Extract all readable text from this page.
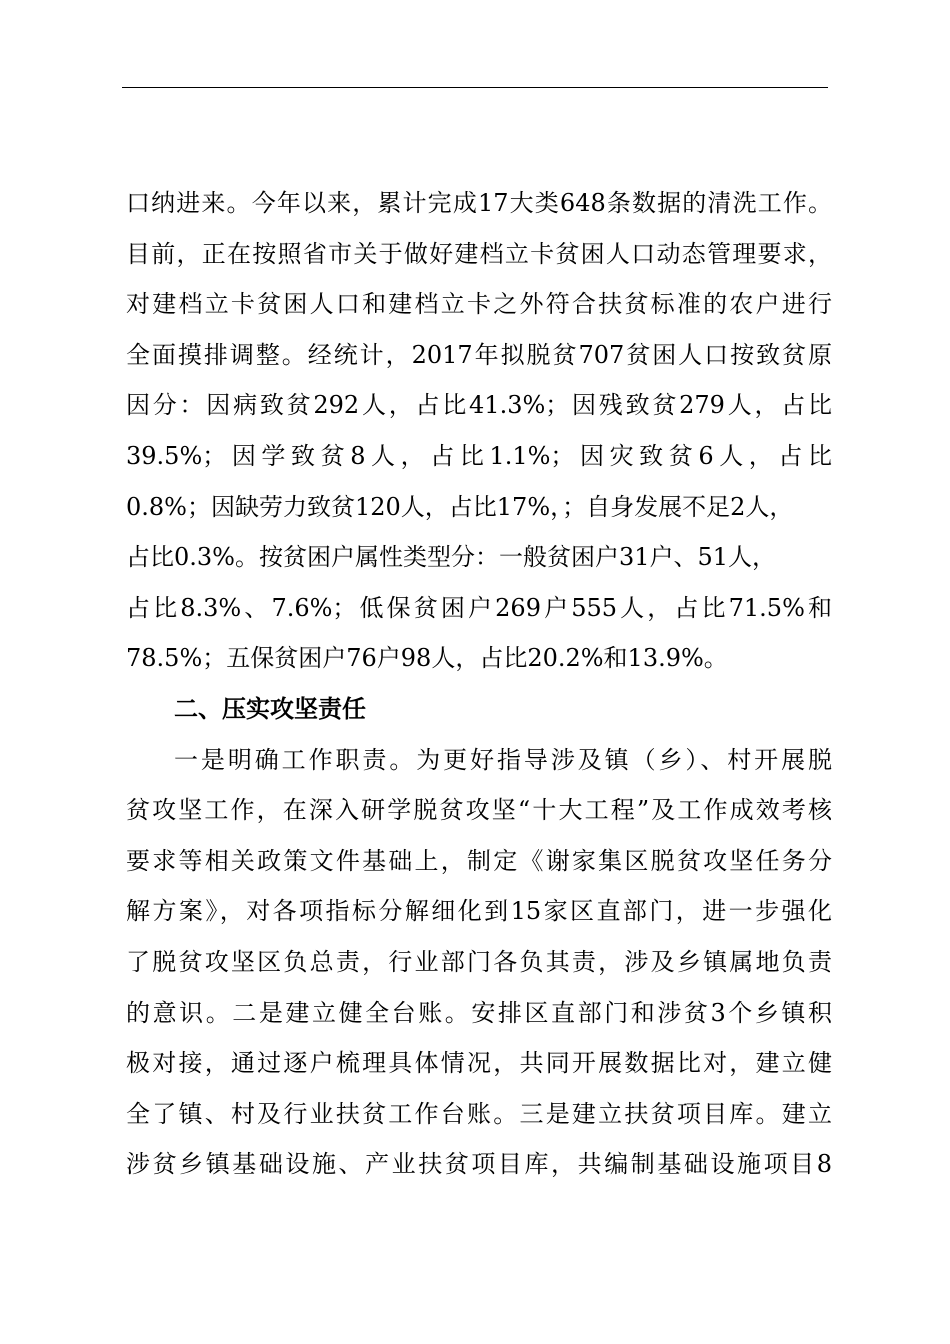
口纳进来。今年以来，累计完成17大类648条数据的清洗工作。
目前，正在按照省市关于做好建档立卡贫困人口动态管理要求，
对建档立卡贫困人口和建档立卡之外符合扶贫标准的农户进行
全面摸排调整。经统计，2017年拟脱贫707贫困人口按致贫原
因分：因病致贫292人，占比41.3%；因残致贫279人，占比
39.5%；因学致贫8人，占比1.1%；因灾致贫6人，占比
0.8%；因缺劳力致贫120人，占比17%，；自身发展不足2人，
占比0.3%。按贫困户属性类型分：一般贫困户31户、51人，
占比8.3%、7.6%；低保贫困户269户555人，占比71.5%和
78.5%；五保贫困户76户98人，占比20.2%和13.9%。
二、压实攻坚责任
一是明确工作职责。为更好指导涉及镇（乡）、村开展脱
贫攻坚工作，在深入研学脱贫攻坚“十大工程”及工作成效考核
要求等相关政策文件基础上，制定《谢家集区脱贫攻坚任务分
解方案》，对各项指标分解细化到15家区直部门，进一步强化
了脱贫攻坚区负总责，行业部门各负其责，涉及乡镇属地负责
的意识。二是建立健全台账。安排区直部门和涉贫3个乡镇积
极对接，通过逐户梳理具体情况，共同开展数据比对，建立健
全了镇、村及行业扶贫工作台账。三是建立扶贫项目库。建立
涉贫乡镇基础设施、产业扶贫项目库，共编制基础设施项目8
